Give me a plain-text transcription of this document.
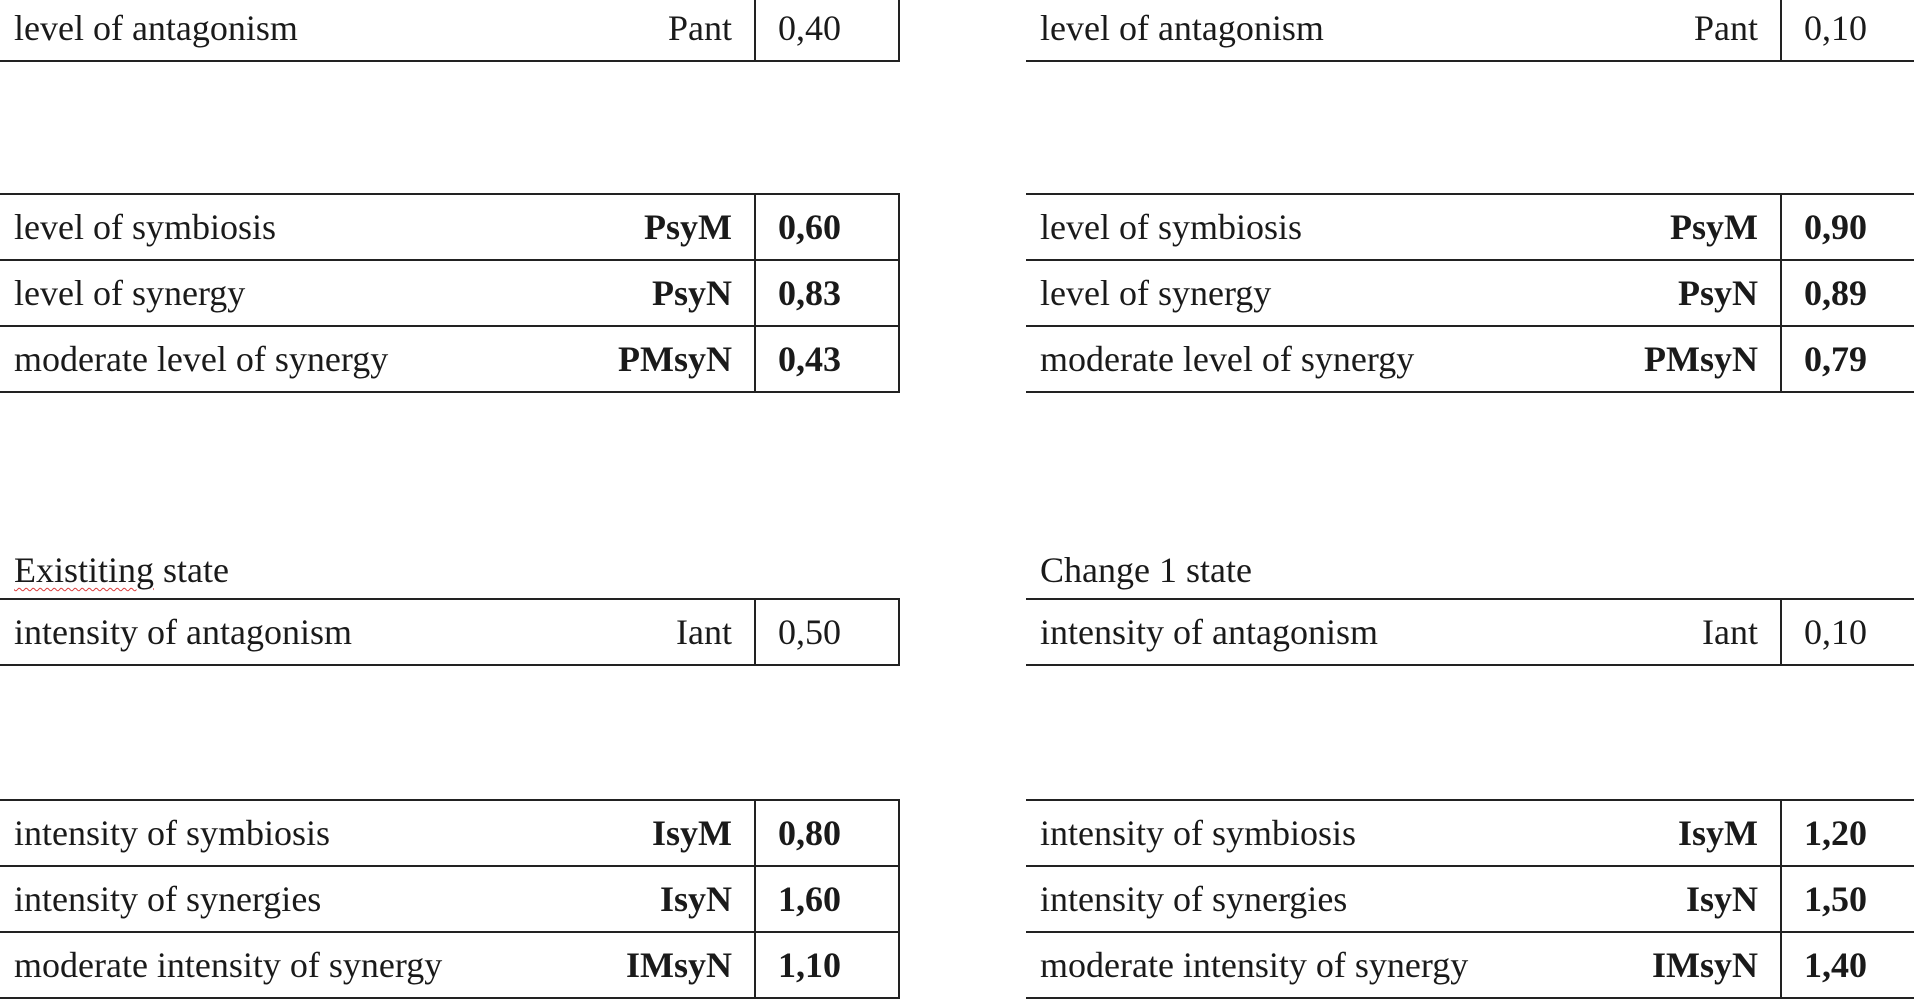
level of antagonism	Pant	0,40
level of symbiosis	PsyM	0,60
level of synergy	PsyN	0,83
moderate level of synergy	PMsyN	0,43
Existiting state
intensity of antagonism	Iant	0,50
intensity of symbiosis	IsyM	0,80
intensity of synergies	IsyN	1,60
moderate intensity of synergy	IMsyN	1,10
level of antagonism	Pant	0,10
level of symbiosis	PsyM	0,90
level of synergy	PsyN	0,89
moderate level of synergy	PMsyN	0,79
Change 1 state
intensity of antagonism	Iant	0,10
intensity of symbiosis	IsyM	1,20
intensity of synergies	IsyN	1,50
moderate intensity of synergy	IMsyN	1,40
